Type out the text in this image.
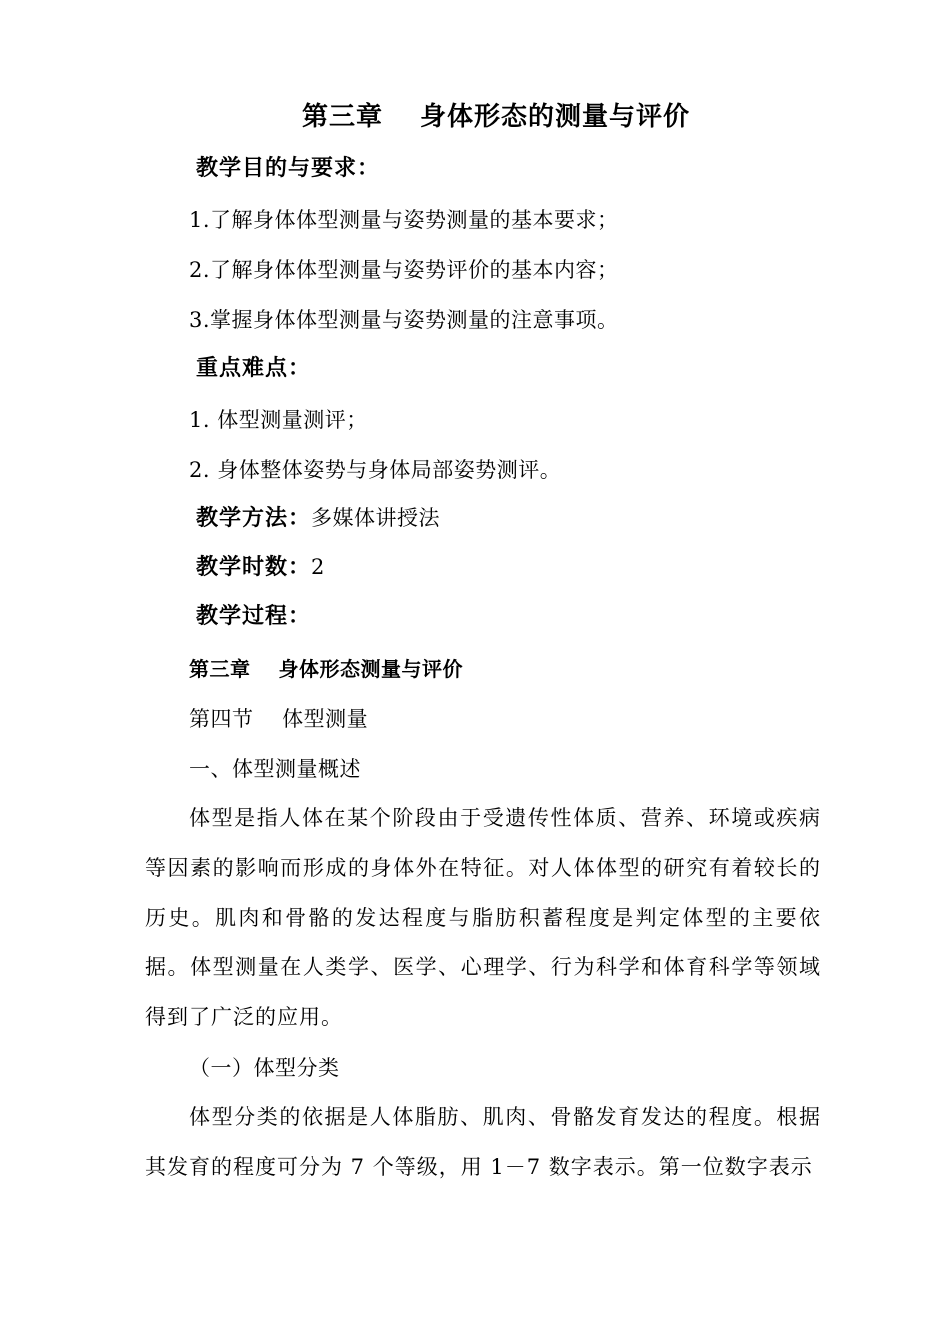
第三章　 身体形态的测量与评价
教学目的与要求：
1.了解身体体型测量与姿势测量的基本要求；
2.了解身体体型测量与姿势评价的基本内容；
3.掌握身体体型测量与姿势测量的注意事项。
重点难点：
1. 体型测量测评；
2. 身体整体姿势与身体局部姿势测评。
教学方法：多媒体讲授法
教学时数：2
教学过程：
第三章　 身体形态测量与评价
第四节　 体型测量
一、体型测量概述
体型是指人体在某个阶段由于受遗传性体质、营养、环境或疾病等因素的影响而形成的身体外在特征。对人体体型的研究有着较长的历史。肌肉和骨骼的发达程度与脂肪积蓄程度是判定体型的主要依据。体型测量在人类学、医学、心理学、行为科学和体育科学等领域得到了广泛的应用。
（一）体型分类
体型分类的依据是人体脂肪、肌肉、骨骼发育发达的程度。根据其发育的程度可分为 7 个等级，用 1－7 数字表示。第一位数字表示
